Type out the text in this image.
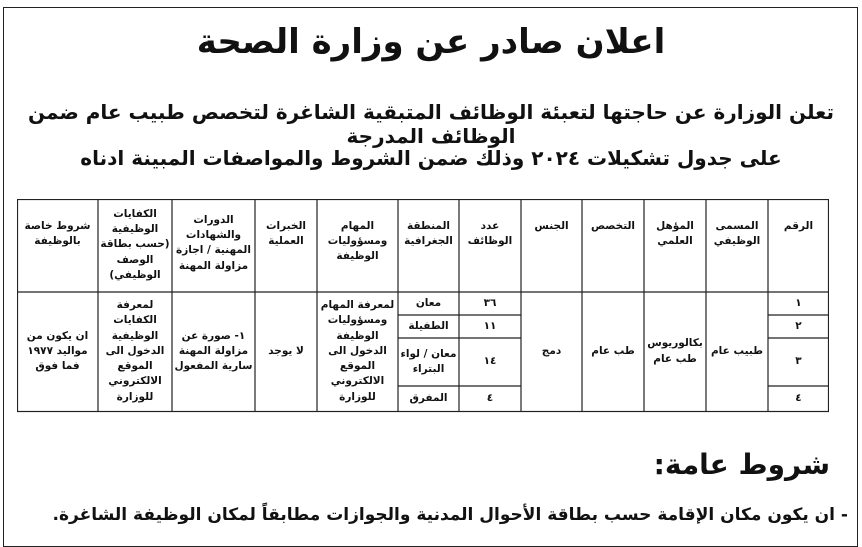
اعلان صادر عن وزارة الصحة
تعلن الوزارة عن حاجتها لتعبئة الوظائف المتبقية الشاغرة لتخصص طبيب عام ضمن الوظائف المدرجة
على جدول تشكيلات ٢٠٢٤ وذلك ضمن الشروط والمواصفات المبينة ادناه
الرقم
المسمى الوظيفي
المؤهل العلمي
التخصص
الجنس
عدد الوظائف
المنطقة الجغرافية
المهام ومسؤوليات الوظيفة
الخبرات العملية
الدورات والشهادات المهنية / اجازة مزاولة المهنة
الكفايات الوظيفية (حسب بطاقة الوصف الوظيفي)
شروط خاصة بالوظيفة
١
٢
٣
٤
طبيب عام
بكالوريوس طب عام
طب عام
دمج
٣٦
١١
١٤
٤
معان
الطفيلة
معان / لواء البتراء
المفرق
لمعرفة المهام ومسؤوليات الوظيفة الدخول الى الموقع الالكتروني للوزارة
لا يوجد
١- صورة عن مزاولة المهنة سارية المفعول
لمعرفة الكفايات الوظيفية الدخول الى الموقع الالكتروني للوزارة
ان يكون من مواليد ١٩٧٧ فما فوق
شروط عامة:
- ان يكون مكان الإقامة حسب بطاقة الأحوال المدنية والجوازات مطابقاً لمكان الوظيفة الشاغرة.
